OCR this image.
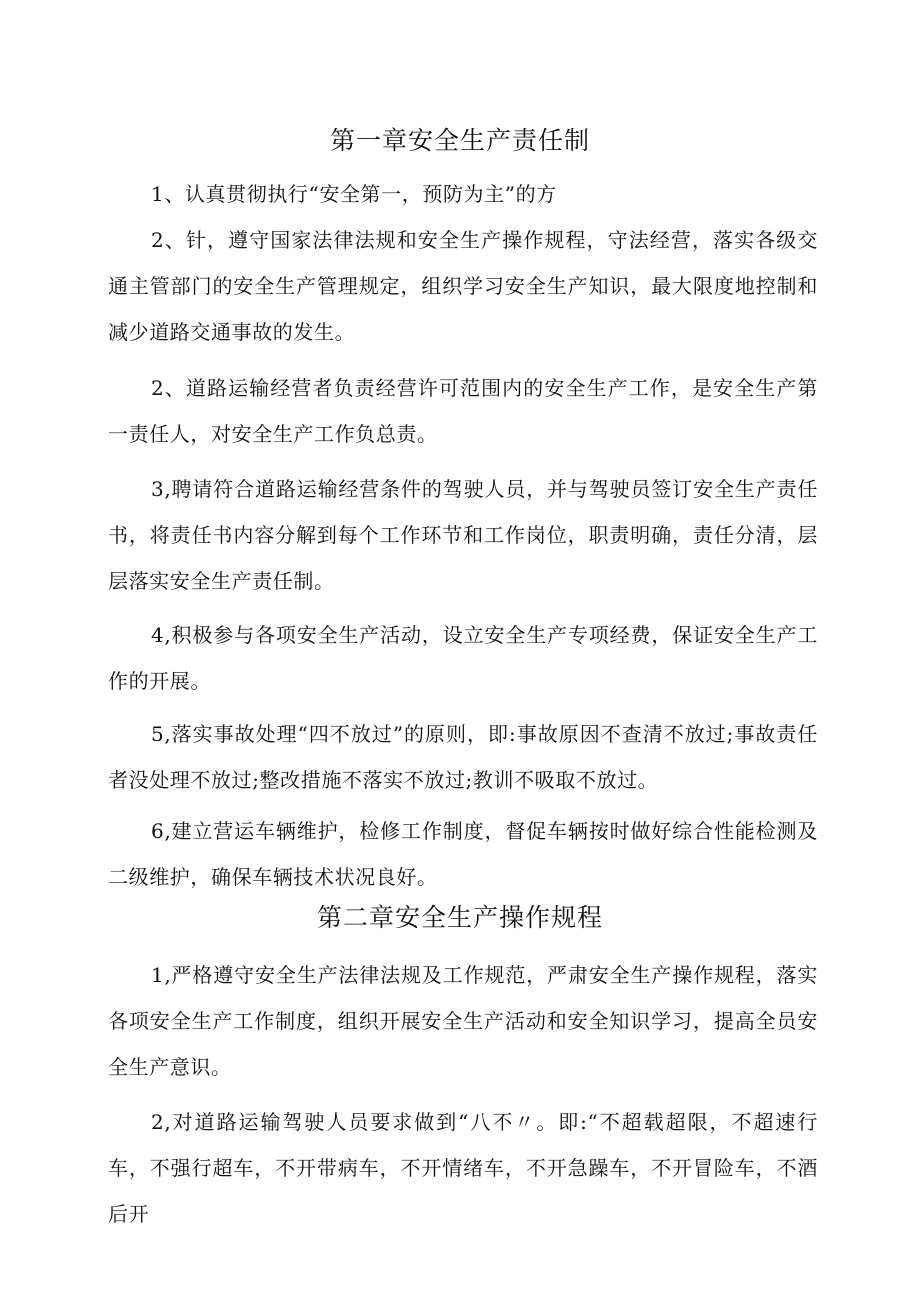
第一章安全生产责任制
1、认真贯彻执行“安全第一，预防为主”的方
2、针，遵守国家法律法规和安全生产操作规程，守法经营，落实各级交通主管部门的安全生产管理规定，组织学习安全生产知识，最大限度地控制和减少道路交通事故的发生。
2、道路运输经营者负责经营许可范围内的安全生产工作，是安全生产第一责任人，对安全生产工作负总责。
3,聘请符合道路运输经营条件的驾驶人员，并与驾驶员签订安全生产责任书，将责任书内容分解到每个工作环节和工作岗位，职责明确，责任分清，层层落实安全生产责任制。
4,积极参与各项安全生产活动，设立安全生产专项经费，保证安全生产工作的开展。
5,落实事故处理“四不放过”的原则，即:事故原因不查清不放过;事故责任者没处理不放过;整改措施不落实不放过;教训不吸取不放过。
6,建立营运车辆维护，检修工作制度，督促车辆按时做好综合性能检测及二级维护，确保车辆技术状况良好。
第二章安全生产操作规程
1,严格遵守安全生产法律法规及工作规范，严肃安全生产操作规程，落实各项安全生产工作制度，组织开展安全生产活动和安全知识学习，提高全员安全生产意识。
2,对道路运输驾驶人员要求做到“八不〃。即:“不超载超限，不超速行车，不强行超车，不开带病车，不开情绪车，不开急躁车，不开冒险车，不酒后开
